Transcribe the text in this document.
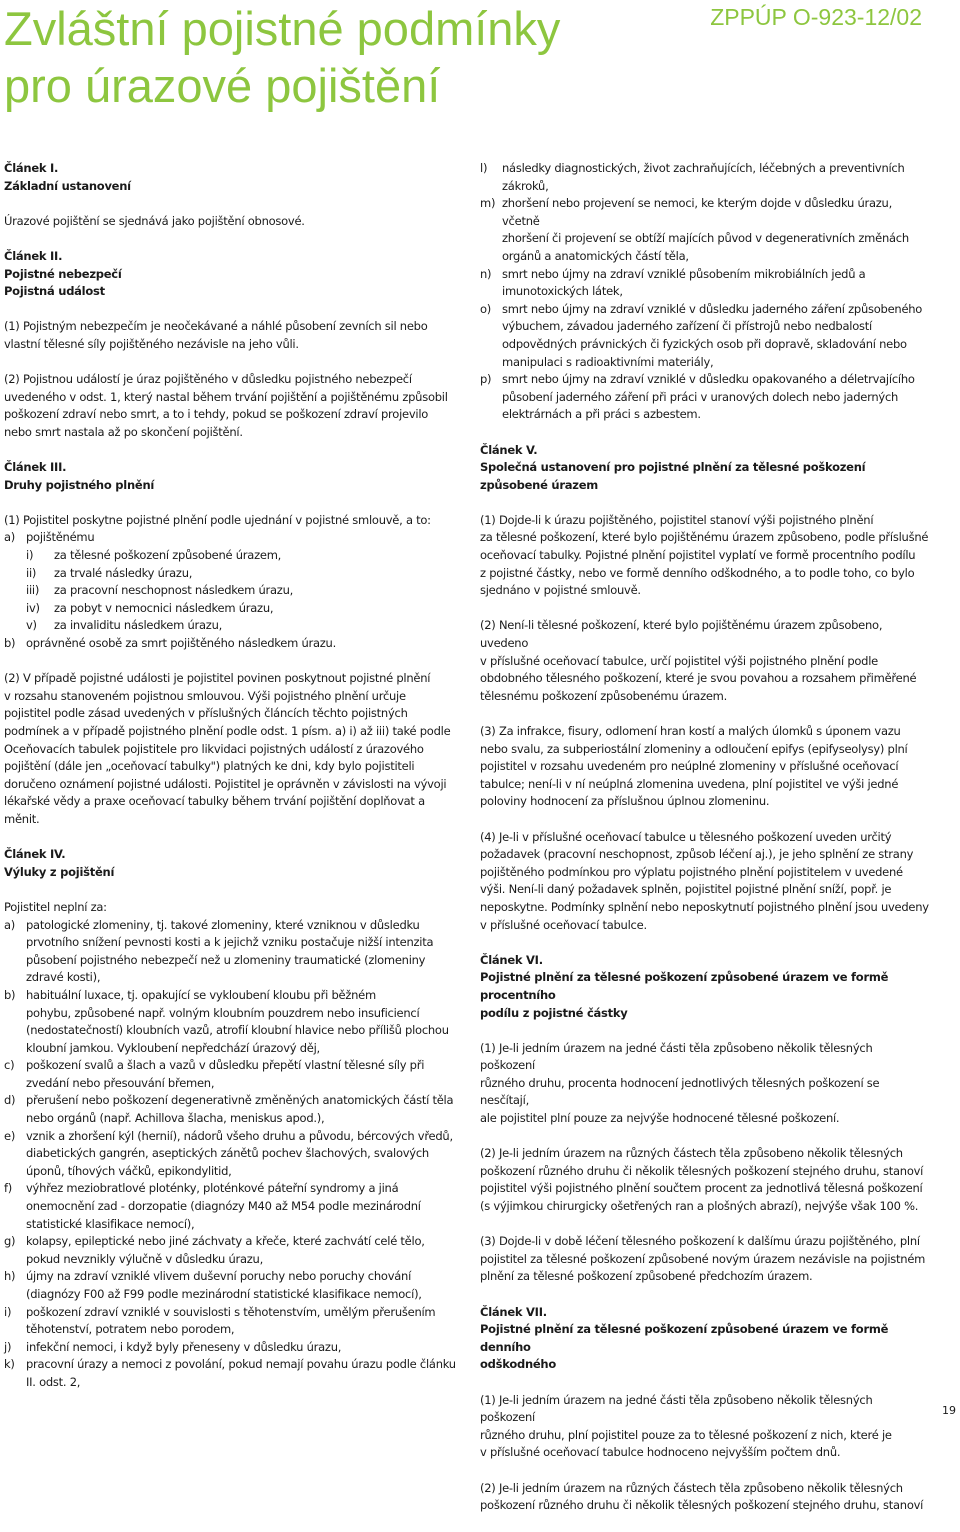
Zvláštní pojistné podmínky
pro úrazové pojištění
ZPPÚP O-923-12/02
Článek I.
Základní ustanovení
Úrazové pojištění se sjednává jako pojištění obnosové.
Článek II.
Pojistné nebezpečí
Pojistná událost
(1) Pojistným nebezpečím je neočekávané a náhlé působení zevních sil nebo
vlastní tělesné síly pojištěného nezávisle na jeho vůli.
(2) Pojistnou událostí je úraz pojištěného v důsledku pojistného nebezpečí
uvedeného v odst. 1, který nastal během trvání pojištění a pojištěnému způsobil
poškození zdraví nebo smrt, a to i tehdy, pokud se poškození zdraví projevilo
nebo smrt nastala až po skončení pojištění.
Článek III.
Druhy pojistného plnění
(1) Pojistitel poskytne pojistné plnění podle ujednání v pojistné smlouvě, a to:
a) pojištěnému
i) za tělesné poškození způsobené úrazem,
ii) za trvalé následky úrazu,
iii) za pracovní neschopnost následkem úrazu,
iv) za pobyt v nemocnici následkem úrazu,
v) za invaliditu následkem úrazu,
b) oprávněné osobě za smrt pojištěného následkem úrazu.
(2) V případě pojistné události je pojistitel povinen poskytnout pojistné plnění
v rozsahu stanoveném pojistnou smlouvou. Výši pojistného plnění určuje
pojistitel podle zásad uvedených v příslušných článcích těchto pojistných
podmínek a v případě pojistného plnění podle odst. 1 písm. a) i) až iii) také podle
Oceňovacích tabulek pojistitele pro likvidaci pojistných událostí z úrazového
pojištění (dále jen „oceňovací tabulky") platných ke dni, kdy bylo pojistiteli
doručeno oznámení pojistné události. Pojistitel je oprávněn v závislosti na vývoji
lékařské vědy a praxe oceňovací tabulky během trvání pojištění doplňovat a
měnit.
Článek IV.
Výluky z pojištění
Pojistitel neplní za:
a) patologické zlomeniny, tj. takové zlomeniny, které vzniknou v důsledku
prvotního snížení pevnosti kosti a k jejichž vzniku postačuje nižší intenzita
působení pojistného nebezpečí než u zlomeniny traumatické (zlomeniny
zdravé kosti),
b) habituální luxace, tj. opakující se vykloubení kloubu při běžném
pohybu, způsobené např. volným kloubním pouzdrem nebo insuficiencí
(nedostatečností) kloubních vazů, atrofií kloubní hlavice nebo přílišů plochou
kloubní jamkou. Vykloubení nepředchází úrazový děj,
c) poškození svalů a šlach a vazů v důsledku přepětí vlastní tělesné síly při
zvedání nebo přesouvání břemen,
d) přerušení nebo poškození degenerativně změněných anatomických částí těla
nebo orgánů (např. Achillova šlacha, meniskus apod.),
e) vznik a zhoršení kýl (hernií), nádorů všeho druhu a původu, bércových vředů,
diabetických gangrén, aseptických zánětů pochev šlachových, svalových
úponů, tíhových váčků, epikondylitid,
f) výhřez meziobratlové ploténky, ploténkové páteřní syndromy a jiná
onemocnění zad - dorzopatie (diagnózy M40 až M54 podle mezinárodní
statistické klasifikace nemocí),
g) kolapsy, epileptické nebo jiné záchvaty a křeče, které zachvátí celé tělo,
pokud nevznikly výlučně v důsledku úrazu,
h) újmy na zdraví vzniklé vlivem duševní poruchy nebo poruchy chování
(diagnózy F00 až F99 podle mezinárodní statistické klasifikace nemocí),
i) poškození zdraví vzniklé v souvislosti s těhotenstvím, umělým přerušením
těhotenství, potratem nebo porodem,
j) infekční nemoci, i když byly přeneseny v důsledku úrazu,
k) pracovní úrazy a nemoci z povolání, pokud nemají povahu úrazu podle článku
II. odst. 2,
l) následky diagnostických, život zachraňujících, léčebných a preventivních
zákroků,
m) zhoršení nebo projevení se nemoci, ke kterým dojde v důsledku úrazu, včetně
zhoršení či projevení se obtíží majících původ v degenerativních změnách
orgánů a anatomických částí těla,
n) smrt nebo újmy na zdraví vzniklé působením mikrobiálních jedů a
imunotoxických látek,
o) smrt nebo újmy na zdraví vzniklé v důsledku jaderného záření způsobeného
výbuchem, závadou jaderného zařízení či přístrojů nebo nedbalostí
odpovědných právnických či fyzických osob při dopravě, skladování nebo
manipulaci s radioaktivními materiály,
p) smrt nebo újmy na zdraví vzniklé v důsledku opakovaného a déletrvajícího
působení jaderného záření při práci v uranových dolech nebo jaderných
elektrárnách a při práci s azbestem.
Článek V.
Společná ustanovení pro pojistné plnění za tělesné poškození
způsobené úrazem
(1) Dojde-li k úrazu pojištěného, pojistitel stanoví výši pojistného plnění
za tělesné poškození, které bylo pojištěnému úrazem způsobeno, podle příslušné
oceňovací tabulky. Pojistné plnění pojistitel vyplatí ve formě procentního podílu
z pojistné částky, nebo ve formě denního odškodného, a to podle toho, co bylo
sjednáno v pojistné smlouvě.
(2) Není-li tělesné poškození, které bylo pojištěnému úrazem způsobeno, uvedeno
v příslušné oceňovací tabulce, určí pojistitel výši pojistného plnění podle
obdobného tělesného poškození, které je svou povahou a rozsahem přiměřené
tělesnému poškození způsobenému úrazem.
(3) Za infrakce, fisury, odlomení hran kostí a malých úlomků s úponem vazu
nebo svalu, za subperiostální zlomeniny a odloučení epifys (epifyseolysy) plní
pojistitel v rozsahu uvedeném pro neúplné zlomeniny v příslušné oceňovací
tabulce; není-li v ní neúplná zlomenina uvedena, plní pojistitel ve výši jedné
poloviny hodnocení za příslušnou úplnou zlomeninu.
(4) Je-li v příslušné oceňovací tabulce u tělesného poškození uveden určitý
požadavek (pracovní neschopnost, způsob léčení aj.), je jeho splnění ze strany
pojištěného podmínkou pro výplatu pojistného plnění pojistitelem v uvedené
výši. Není-li daný požadavek splněn, pojistitel pojistné plnění sníží, popř. je
neposkytne. Podmínky splnění nebo neposkytnutí pojistného plnění jsou uvedeny
v příslušné oceňovací tabulce.
Článek VI.
Pojistné plnění za tělesné poškození způsobené úrazem ve formě procentního
podílu z pojistné částky
(1) Je-li jedním úrazem na jedné části těla způsobeno několik tělesných poškození
různého druhu, procenta hodnocení jednotlivých tělesných poškození se nesčítají,
ale pojistitel plní pouze za nejvýše hodnocené tělesné poškození.
(2) Je-li jedním úrazem na různých částech těla způsobeno několik tělesných
poškození různého druhu či několik tělesných poškození stejného druhu, stanoví
pojistitel výši pojistného plnění součtem procent za jednotlivá tělesná poškození
(s výjimkou chirurgicky ošetřených ran a plošných abrazí), nejvýše však 100 %.
(3) Dojde-li v době léčení tělesného poškození k dalšímu úrazu pojištěného, plní
pojistitel za tělesné poškození způsobené novým úrazem nezávisle na pojistném
plnění za tělesné poškození způsobené předchozím úrazem.
Článek VII.
Pojistné plnění za tělesné poškození způsobené úrazem ve formě denního
odškodného
(1) Je-li jedním úrazem na jedné části těla způsobeno několik tělesných poškození
různého druhu, plní pojistitel pouze za to tělesné poškození z nich, které je
v příslušné oceňovací tabulce hodnoceno nejvyšším počtem dnů.
(2) Je-li jedním úrazem na různých částech těla způsobeno několik tělesných
poškození různého druhu či několik tělesných poškození stejného druhu, stanoví
19
